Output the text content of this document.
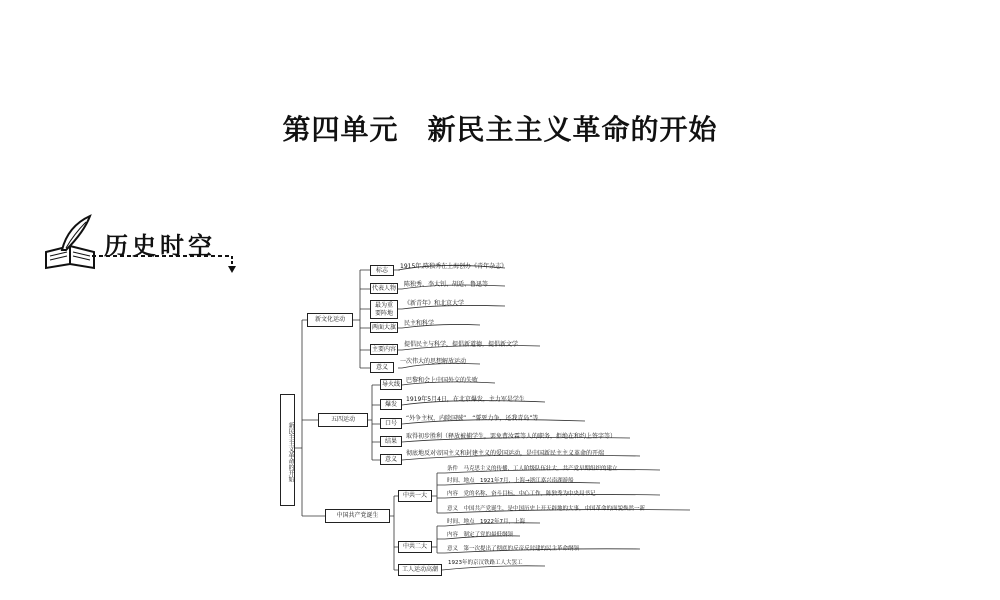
第四单元　新民主主义革命的开始
历史时空
新民主主义革命的开始
新文化运动
标志	1915年,陈独秀在上海创办《青年杂志》
代表人物	陈独秀、李大钊、胡适、鲁迅等
最为重要阵地
《新青年》和北京大学
两面大旗	民主和科学
主要内容
提倡民主与科学，提倡新道德，提倡新文学
意义
一次伟大的思想解放运动
五四运动
导火线	巴黎和会上中国外交的失败
爆发
1919年5月4日，在北京爆发，主力军是学生
口号
“外争主权，内除国贼”　“誓死力争，还我青岛”等
结果
取得初步胜利（释放被捕学生，罢免曹汝霖等人的职务，拒绝在和约上签字等）
意义
彻底地反对帝国主义和封建主义的爱国运动，是中国新民主主义革命的开端
中国共产党诞生
中共一大
条件　马克思主义的传播，工人阶级队伍壮大，共产党早期组织的建立
时间、地点　1921年7月，上海→浙江嘉兴南湖游船
内容　党的名称、奋斗目标、中心工作，陈独秀为中央局书记
意义　中国共产党诞生，是中国历史上开天辟地的大事，中国革命的面貌焕然一新
中共二大
时间、地点　1922年7月，上海
内容　制定了党的最低纲领
意义　第一次提出了彻底的反帝反封建的民主革命纲领
工人运动高潮
1923年的京汉铁路工人大罢工
